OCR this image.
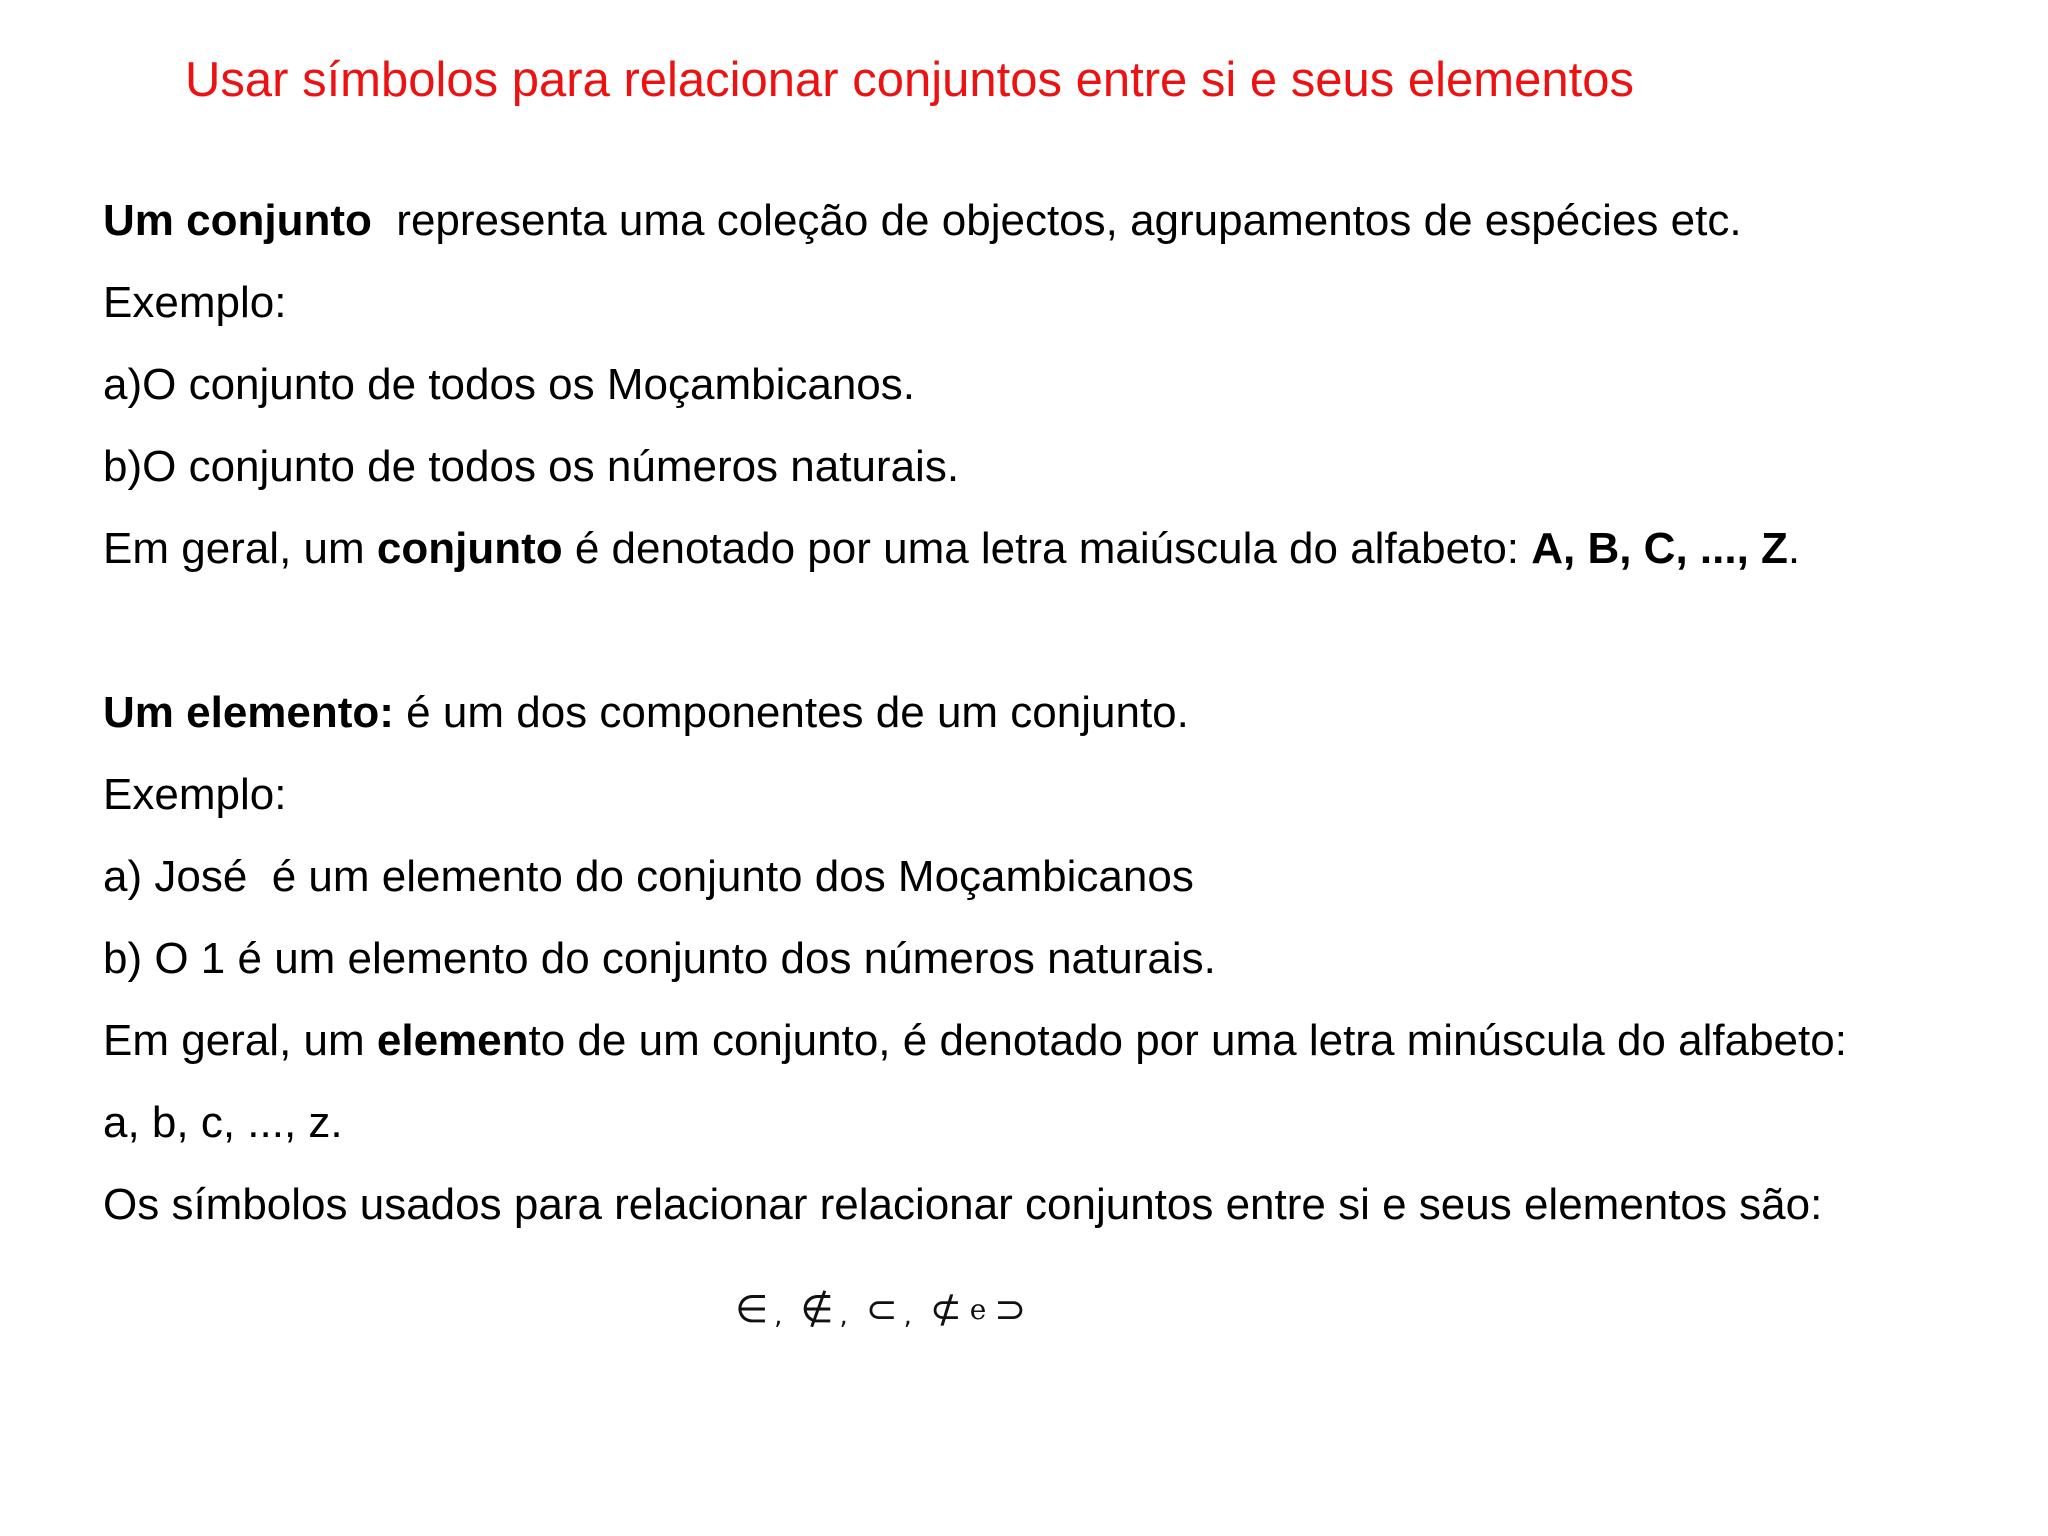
Usar símbolos para relacionar conjuntos entre si e seus elementos
Um conjunto  representa uma coleção de objectos, agrupamentos de espécies etc.
Exemplo:
a)O conjunto de todos os Moçambicanos.
b)O conjunto de todos os números naturais.
Em geral, um conjunto é denotado por uma letra maiúscula do alfabeto: A, B, C, ..., Z.
Um elemento: é um dos componentes de um conjunto.
Exemplo:
a) José  é um elemento do conjunto dos Moçambicanos
b) O 1 é um elemento do conjunto dos números naturais.
Em geral, um elemento de um conjunto, é denotado por uma letra minúscula do alfabeto:
a, b, c, ..., z.
Os símbolos usados para relacionar relacionar conjuntos entre si e seus elementos são:
∈ , ∉ , ⊂ , ⊄ e ⊃
